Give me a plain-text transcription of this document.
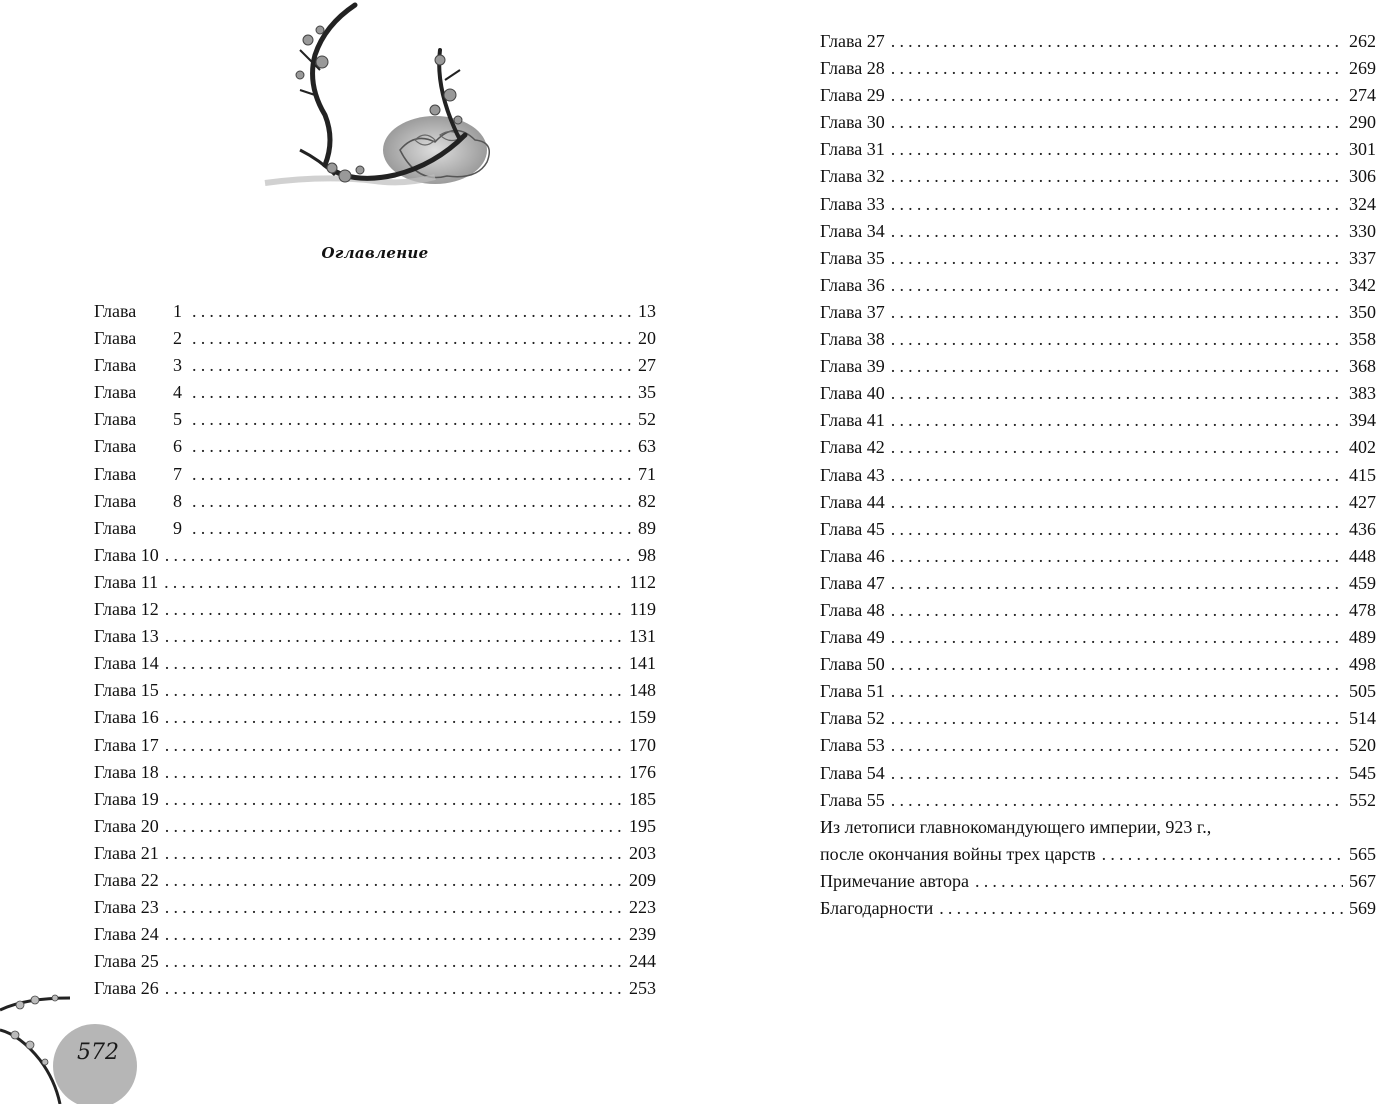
Оглавление
Глава	1 .....	13
Глава	2 .....	20
Глава	3 .....	27
Глава	4 .....	35
Глава	5 .....	52
Глава	6 .....	63
Глава	7 .....	71
Глава	8 .....	82
Глава	9 .....	89
Глава 10 .....	98
Глава 11 .....	112
Глава 12 .....	119
Глава 13 .....	131
Глава 14 .....	141
Глава 15 .....	148
Глава 16 .....	159
Глава 17 .....	170
Глава 18 .....	176
Глава 19 .....	185
Глава 20 .....	195
Глава 21 .....	203
Глава 22 .....	209
Глава 23 .....	223
Глава 24 .....	239
Глава 25 .....	244
Глава 26 .....	253
572
Глава 27 .....	262
Глава 28 .....	269
Глава 29 .....	274
Глава 30 .....	290
Глава 31 .....	301
Глава 32 .....	306
Глава 33 .....	324
Глава 34 .....	330
Глава 35 .....	337
Глава 36 .....	342
Глава 37 .....	350
Глава 38 .....	358
Глава 39 .....	368
Глава 40 .....	383
Глава 41 .....	394
Глава 42 .....	402
Глава 43 .....	415
Глава 44 .....	427
Глава 45 .....	436
Глава 46 .....	448
Глава 47 .....	459
Глава 48 .....	478
Глава 49 .....	489
Глава 50 .....	498
Глава 51 .....	505
Глава 52 .....	514
Глава 53 .....	520
Глава 54 .....	545
Глава 55 .....	552
Из летописи главнокомандующего империи, 923 г.,
после окончания войны трех царств .....	565
Примечание автора .....	567
Благодарности .....	569
